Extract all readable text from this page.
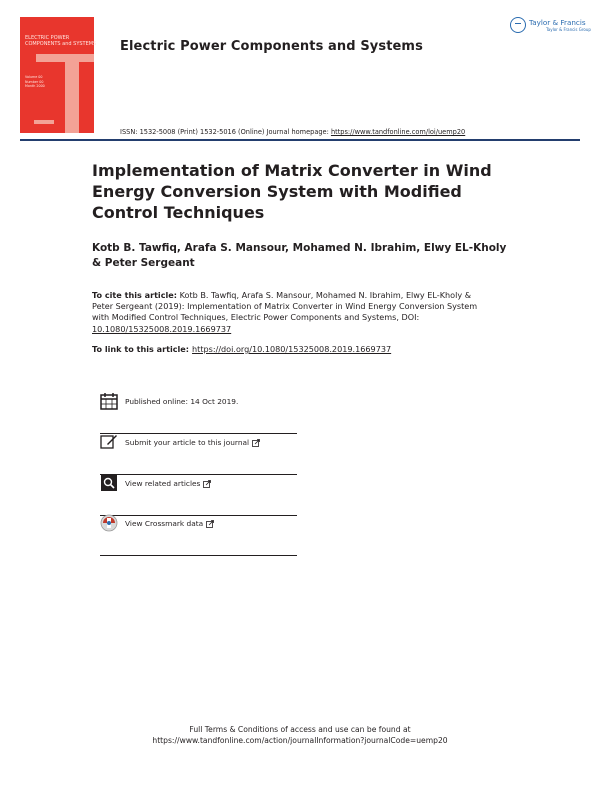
ELECTRIC POWER
COMPONENTS and SYSTEMS
Volume 00
Number 00
Month 2000
Electric Power Components and Systems
Taylor & Francis
Taylor & Francis Group
ISSN: 1532-5008 (Print) 1532-5016 (Online) Journal homepage: https://www.tandfonline.com/loi/uemp20
Implementation of Matrix Converter in Wind Energy Conversion System with Modified Control Techniques

Kotb B. Tawfiq, Arafa S. Mansour, Mohamed N. Ibrahim, Elwy EL-Kholy & Peter Sergeant

To cite this article: Kotb B. Tawfiq, Arafa S. Mansour, Mohamed N. Ibrahim, Elwy EL-Kholy & Peter Sergeant (2019): Implementation of Matrix Converter in Wind Energy Conversion System with Modified Control Techniques, Electric Power Components and Systems, DOI: 10.1080/15325008.2019.1669737

To link to this article: https://doi.org/10.1080/15325008.2019.1669737

Published online: 14 Oct 2019.
Submit your article to this journal
View related articles
View Crossmark data
Full Terms & Conditions of access and use can be found at
https://www.tandfonline.com/action/journalInformation?journalCode=uemp20
